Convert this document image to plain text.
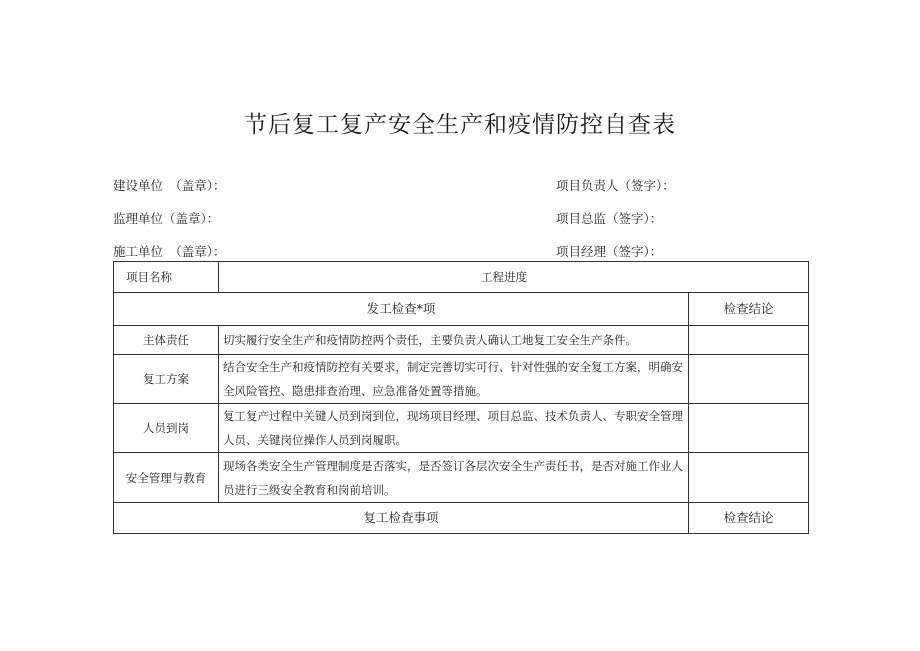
节后复工复产安全生产和疫情防控自查表
建设单位　（盖章）：	项目负责人（签字）：
监理单位（盖章）：	项目总监（签字）：
施工单位　（盖章）：	项目经理（签字）：
项目名称	工程进度	
发工检查*项		检查结论
主体责任	切实履行安全生产和疫情防控两个责任，主要负责人确认工地复工安全生产条件。	
复工方案	结合安全生产和疫情防控有关要求，制定完善切实可行、针对性强的安全复工方案，明确安全风险管控、隐患排查治理、应急准备处置等措施。	
人员到岗	复工复产过程中关键人员到岗到位，现场项目经理、项目总监、技术负责人、专职安全管理人员、关键岗位操作人员到岗履职。	
安全管理与教育	现场各类安全生产管理制度是否落实，是否签订各层次安全生产责任书，是否对施工作业人员进行三级安全教育和岗前培训。	
复工检查事项		检查结论
